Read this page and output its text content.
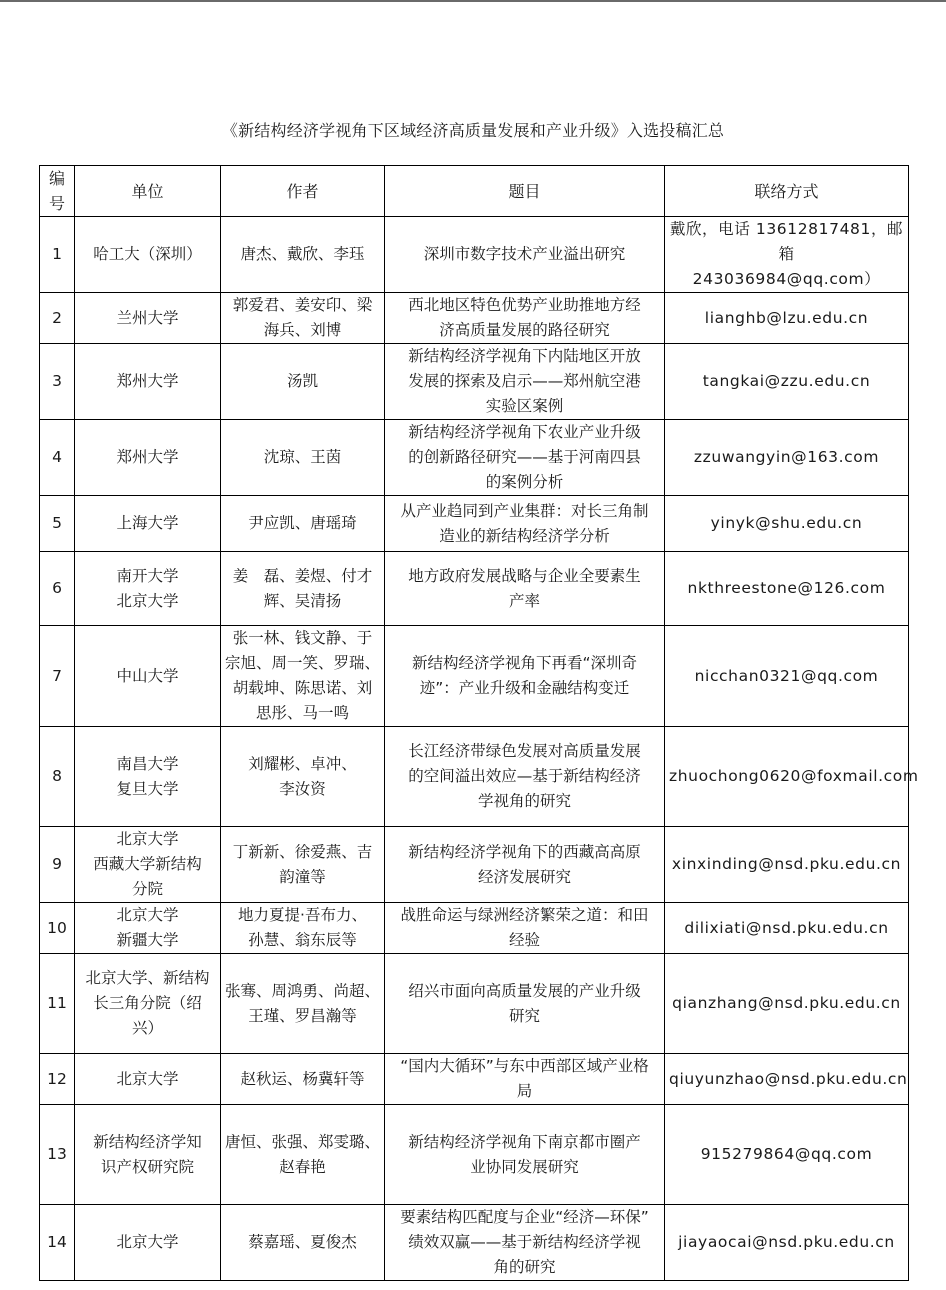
《新结构经济学视角下区域经济高质量发展和产业升级》入选投稿汇总
编
号	单位	作者	题目	联络方式
1	哈工大（深圳）	唐杰、戴欣、李珏	深圳市数字技术产业溢出研究	戴欣，电话 13612817481，邮箱
243036984@qq.com）

2	兰州大学	郭爱君、姜安印、梁
海兵、刘博	西北地区特色优势产业助推地方经
济高质量发展的路径研究	lianghb@lzu.edu.cn

3	郑州大学	汤凯	新结构经济学视角下内陆地区开放
发展的探索及启示——郑州航空港
实验区案例	tangkai@zzu.edu.cn

4	郑州大学	沈琼、王茵	新结构经济学视角下农业产业升级
的创新路径研究——基于河南四县
的案例分析	zzuwangyin@163.com

5	上海大学	尹应凯、唐瑶琦	从产业趋同到产业集群：对长三角制
造业的新结构经济学分析	yinyk@shu.edu.cn

6	南开大学
北京大学	姜　磊、姜煜、付才
辉、吴清扬	地方政府发展战略与企业全要素生
产率	nkthreestone@126.com

7	中山大学	张一林、钱文静、于
宗旭、周一笑、罗瑞、
胡载坤、陈思诺、刘
思彤、马一鸣	新结构经济学视角下再看“深圳奇
迹”：产业升级和金融结构变迁	nicchan0321@qq.com

8	南昌大学
复旦大学	刘耀彬、卓冲、
李汝资	长江经济带绿色发展对高质量发展
的空间溢出效应—基于新结构经济
学视角的研究	zhuochong0620@foxmail.com

9	北京大学
西藏大学新结构
分院	丁新新、徐爱燕、吉
韵潼等	新结构经济学视角下的西藏高高原
经济发展研究	xinxinding@nsd.pku.edu.cn

10	北京大学
新疆大学	地力夏提·吾布力、
孙慧、翁东辰等	战胜命运与绿洲经济繁荣之道：和田
经验	dilixiati@nsd.pku.edu.cn

11	北京大学、新结构
长三角分院（绍
兴）	张骞、周鸿勇、尚超、
王瑾、罗昌瀚等	绍兴市面向高质量发展的产业升级
研究	qianzhang@nsd.pku.edu.cn

12	北京大学	赵秋运、杨冀轩等	“国内大循环”与东中西部区域产业格
局	qiuyunzhao@nsd.pku.edu.cn

13	新结构经济学知
识产权研究院	唐恒、张强、郑雯璐、
赵春艳	新结构经济学视角下南京都市圈产
业协同发展研究	915279864@qq.com

14	北京大学	蔡嘉瑶、夏俊杰	要素结构匹配度与企业“经济—环保”
绩效双赢——基于新结构经济学视
角的研究	jiayaocai@nsd.pku.edu.cn
